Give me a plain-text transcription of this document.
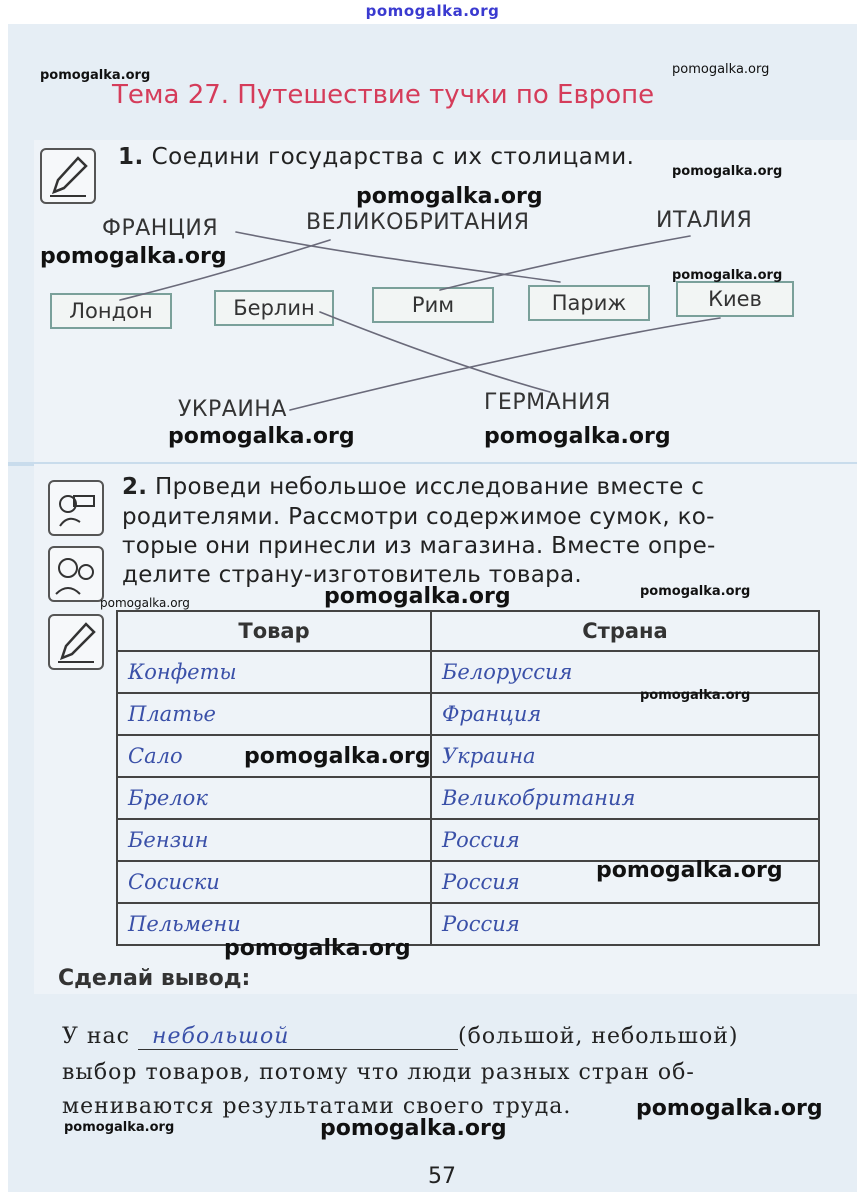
pomogalka.org
Тема 27. Путешествие тучки по Европе
1. Соедини государства с их столицами.
ФРАНЦИЯ	ВЕЛИКОБРИТАНИЯ	ИТАЛИЯ
Лондон	Берлин	Рим	Париж	Киев
УКРАИНА	ГЕРМАНИЯ
2. Проведи небольшое исследование вместе с
родителями. Рассмотри содержимое сумок, ко-
торые они принесли из магазина. Вместе опре-
делите страну-изготовитель товара.
Товар	Страна
Конфеты	Белоруссия
Платье	Франция
Сало	Украина
Брелок	Великобритания
Бензин	Россия
Сосиски	Россия
Пельмени	Россия
Сделай вывод:
У нас небольшой	(большой, небольшой)
выбор товаров, потому что люди разных стран об-
мениваются результатами своего труда.
57
pomogalka.org	pomogalka.org
pomogalka.org
pomogalka.org
pomogalka.org
pomogalka.org
pomogalka.org	pomogalka.org
pomogalka.org	pomogalka.org
pomogalka.org
pomogalka.org
pomogalka.org
pomogalka.org
pomogalka.org
pomogalka.org
pomogalka.org	pomogalka.org
